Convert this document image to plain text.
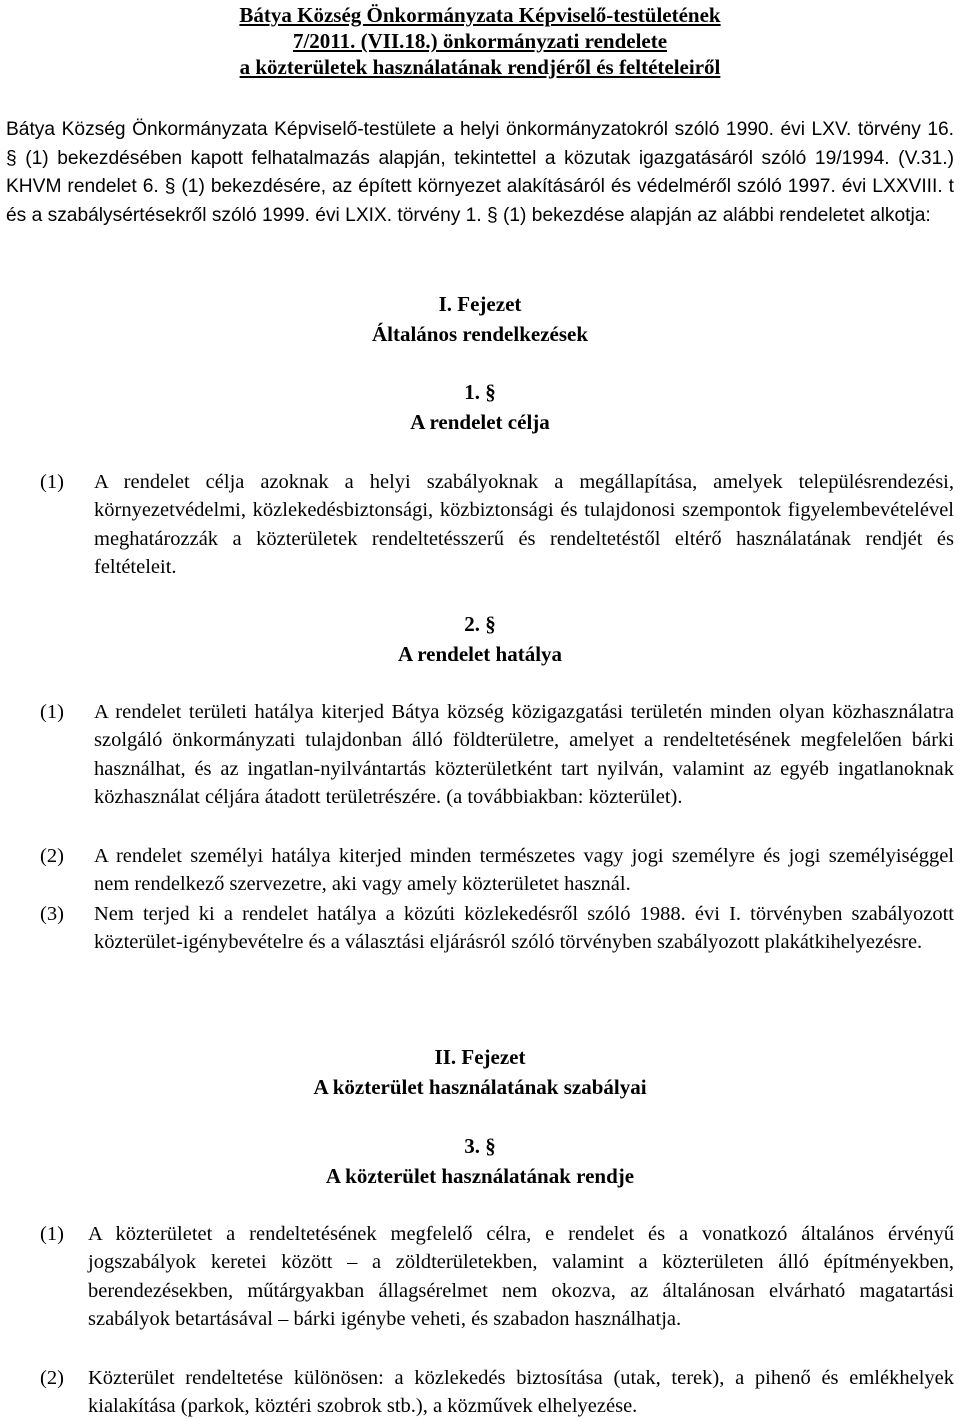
Bátya Község Önkormányzata Képviselő-testületének
7/2011. (VII.18.) önkormányzati rendelete
a közterületek használatának rendjéről és feltételeiről
Bátya Község Önkormányzata Képviselő-testülete a helyi önkormányzatokról szóló 1990. évi LXV. törvény 16. § (1) bekezdésében kapott felhatalmazás alapján, tekintettel a közutak igazgatásáról szóló 19/1994. (V.31.) KHVM rendelet 6. § (1) bekezdésére, az épített környezet alakításáról és védelméről szóló 1997. évi LXXVIII. t és a szabálysértésekről szóló 1999. évi LXIX. törvény 1. § (1) bekezdése alapján az alábbi rendeletet alkotja:
I. Fejezet
Általános rendelkezések
1. §
A rendelet célja
(1) A rendelet célja azoknak a helyi szabályoknak a megállapítása, amelyek településrendezési, környezetvédelmi, közlekedésbiztonsági, közbiztonsági és tulajdonosi szempontok figyelembevételével meghatározzák a közterületek rendeltetésszerű és rendeltetéstől eltérő használatának rendjét és feltételeit.
2. §
A rendelet hatálya
(1) A rendelet területi hatálya kiterjed Bátya község közigazgatási területén minden olyan közhasználatra szolgáló önkormányzati tulajdonban álló földterületre, amelyet a rendeltetésének megfelelően bárki használhat, és az ingatlan-nyilvántartás közterületként tart nyilván, valamint az egyéb ingatlanoknak közhasználat céljára átadott területrészére. (a továbbiakban: közterület).
(2) A rendelet személyi hatálya kiterjed minden természetes vagy jogi személyre és jogi személyiséggel nem rendelkező szervezetre, aki vagy amely közterületet használ.
(3) Nem terjed ki a rendelet hatálya a közúti közlekedésről szóló 1988. évi I. törvényben szabályozott közterület-igénybevételre és a választási eljárásról szóló törvényben szabályozott plakátkihelyezésre.
II. Fejezet
A közterület használatának szabályai
3. §
A közterület használatának rendje
(1) A közterületet a rendeltetésének megfelelő célra, e rendelet és a vonatkozó általános érvényű jogszabályok keretei között – a zöldterületekben, valamint a közterületen álló építményekben, berendezésekben, műtárgyakban állagsérelmet nem okozva, az általánosan elvárható magatartási szabályok betartásával – bárki igénybe veheti, és szabadon használhatja.
(2) Közterület rendeltetése különösen: a közlekedés biztosítása (utak, terek), a pihenő és emlékhelyek kialakítása (parkok, köztéri szobrok stb.), a közművek elhelyezése.
